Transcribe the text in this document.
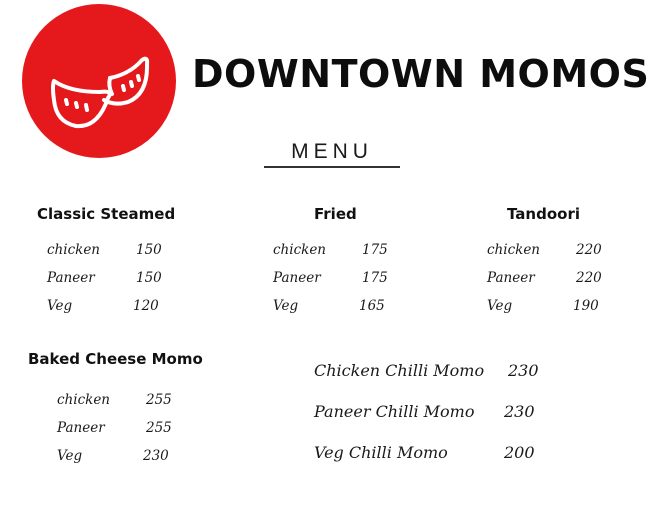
DOWNTOWN MOMOS
MENU
Classic Steamed
chicken	150
Paneer	150
Veg	120
Fried
chicken	175
Paneer	175
Veg	165
Tandoori
chicken	220
Paneer	220
Veg	190
Baked Cheese Momo
chicken	255
Paneer	255
Veg	230
Chicken Chilli Momo 230
Paneer Chilli Momo 230
Veg Chilli Momo	200
